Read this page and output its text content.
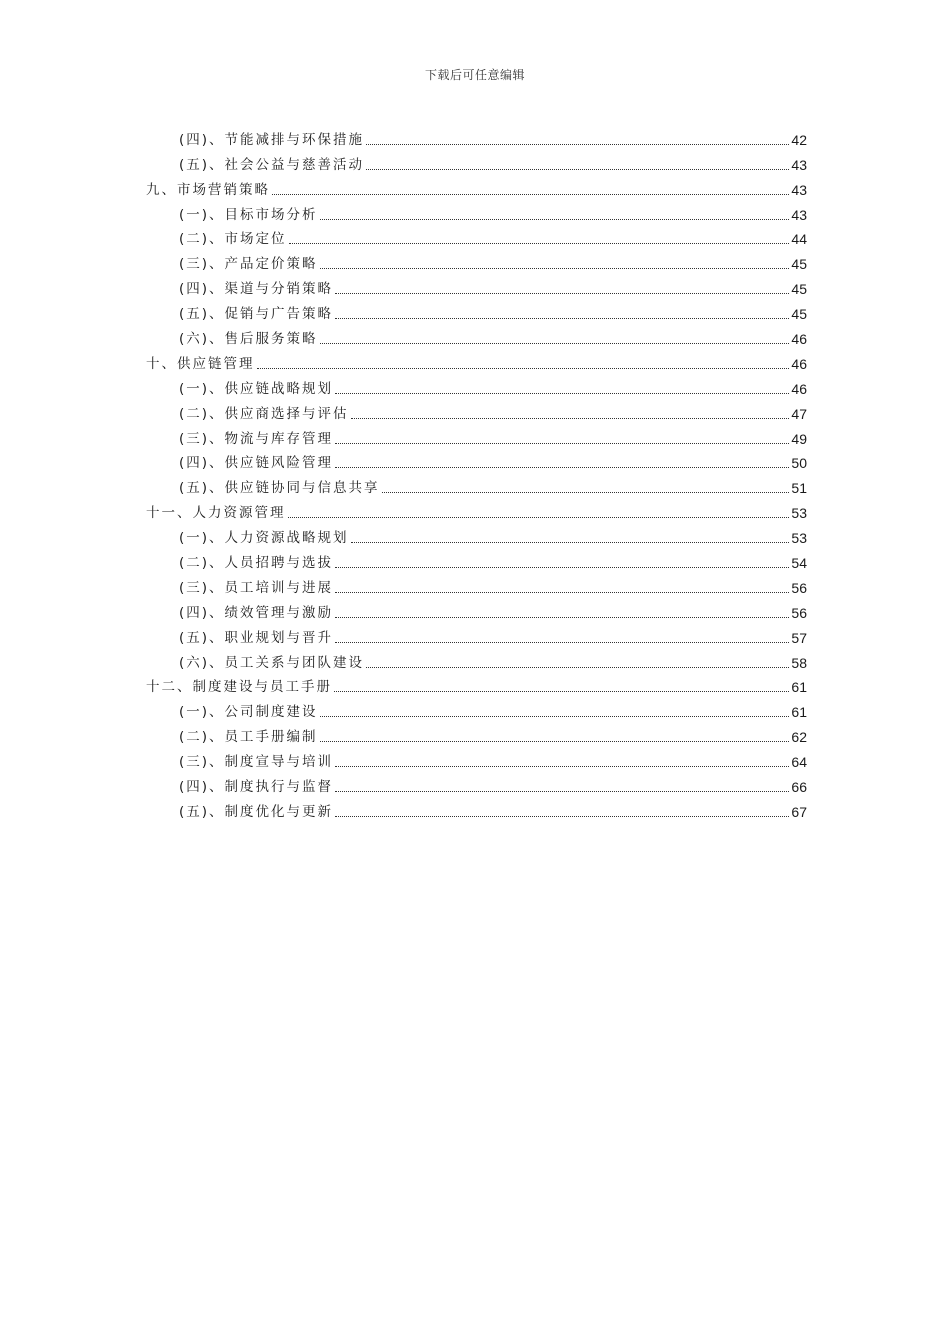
下载后可任意编辑
(四)、节能减排与环保措施	42
(五)、社会公益与慈善活动	43
九、市场营销策略	43
(一)、目标市场分析	43
(二)、市场定位	44
(三)、产品定价策略	45
(四)、渠道与分销策略	45
(五)、促销与广告策略	45
(六)、售后服务策略	46
十、供应链管理	46
(一)、供应链战略规划	46
(二)、供应商选择与评估	47
(三)、物流与库存管理	49
(四)、供应链风险管理	50
(五)、供应链协同与信息共享	51
十一、人力资源管理	53
(一)、人力资源战略规划	53
(二)、人员招聘与选拔	54
(三)、员工培训与进展	56
(四)、绩效管理与激励	56
(五)、职业规划与晋升	57
(六)、员工关系与团队建设	58
十二、制度建设与员工手册	61
(一)、公司制度建设	61
(二)、员工手册编制	62
(三)、制度宣导与培训	64
(四)、制度执行与监督	66
(五)、制度优化与更新	67
